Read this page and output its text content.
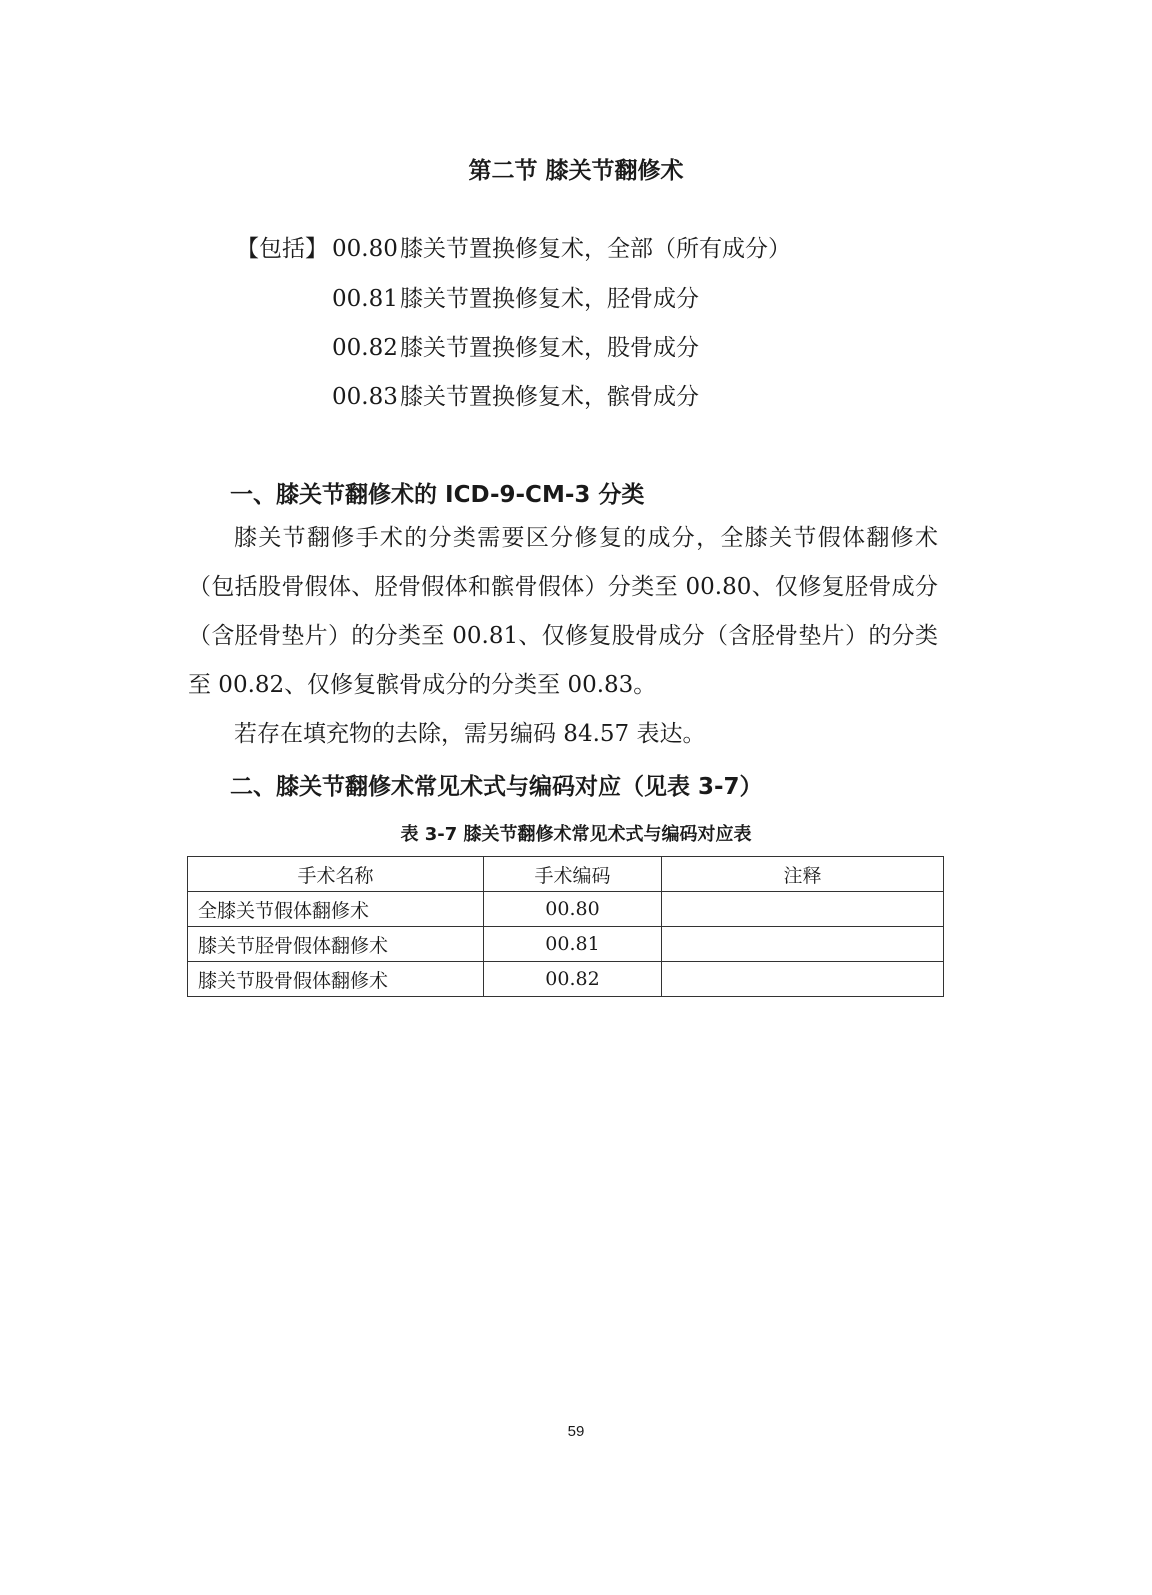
第二节 膝关节翻修术
【包括】 00.80膝关节置换修复术，全部（所有成分）
00.81膝关节置换修复术，胫骨成分
00.82膝关节置换修复术，股骨成分
00.83膝关节置换修复术，髌骨成分
一、膝关节翻修术的 ICD-9-CM-3 分类
膝关节翻修手术的分类需要区分修复的成分，全膝关节假体翻修术（包括股骨假体、胫骨假体和髌骨假体）分类至 00.80、仅修复胫骨成分（含胫骨垫片）的分类至 00.81、仅修复股骨成分（含胫骨垫片）的分类至 00.82、仅修复髌骨成分的分类至 00.83。
若存在填充物的去除，需另编码 84.57 表达。
二、膝关节翻修术常见术式与编码对应（见表 3-7）
表 3-7 膝关节翻修术常见术式与编码对应表
手术名称	手术编码	注释
全膝关节假体翻修术	00.80	
膝关节胫骨假体翻修术	00.81	
膝关节股骨假体翻修术	00.82	
59
